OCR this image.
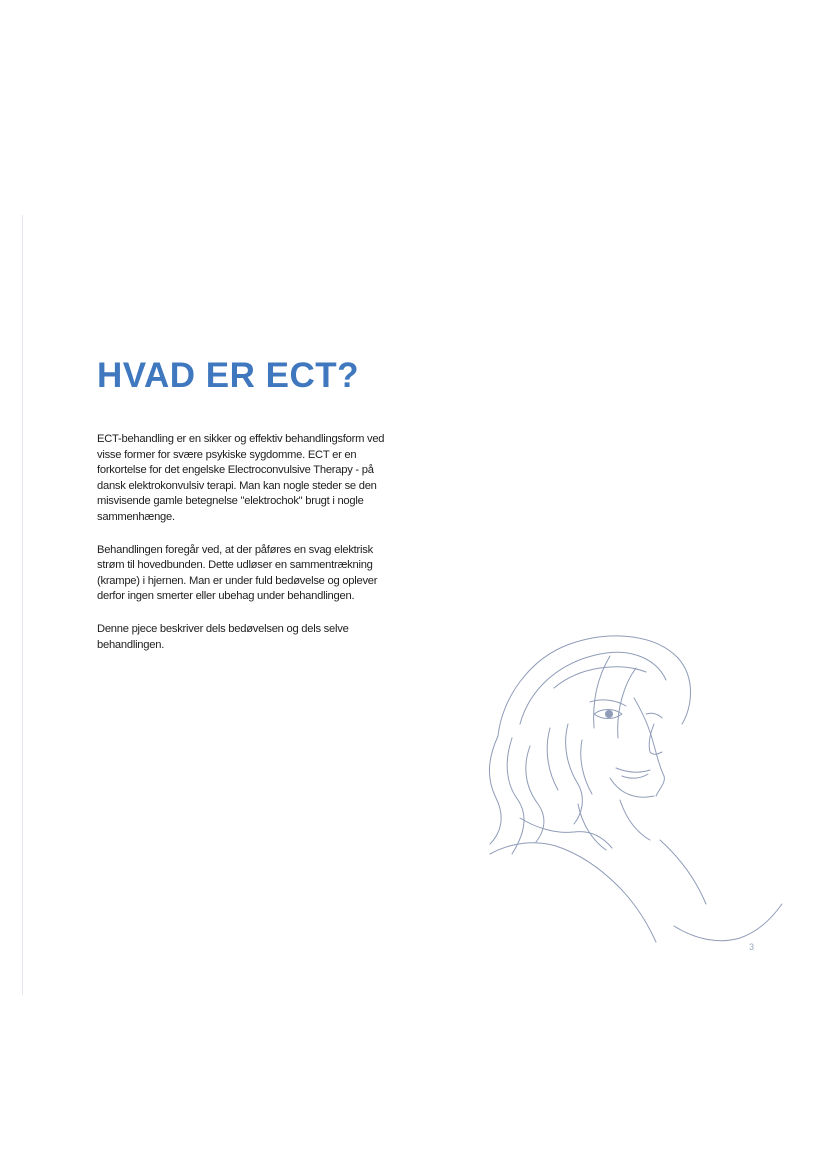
HVAD ER ECT?

ECT-behandling er en sikker og effektiv behandlingsform ved visse former for svære psykiske sygdomme. ECT er en forkortelse for det engelske Electroconvulsive Therapy - på dansk elektrokonvulsiv terapi. Man kan nogle steder se den misvisende gamle betegnelse "elektrochok" brugt i nogle sammenhænge.

Behandlingen foregår ved, at der påføres en svag elektrisk strøm til hovedbunden. Dette udløser en sammentrækning (krampe) i hjernen. Man er under fuld bedøvelse og oplever derfor ingen smerter eller ubehag under behandlingen.

Denne pjece beskriver dels bedøvelsen og dels selve behandlingen.

3
